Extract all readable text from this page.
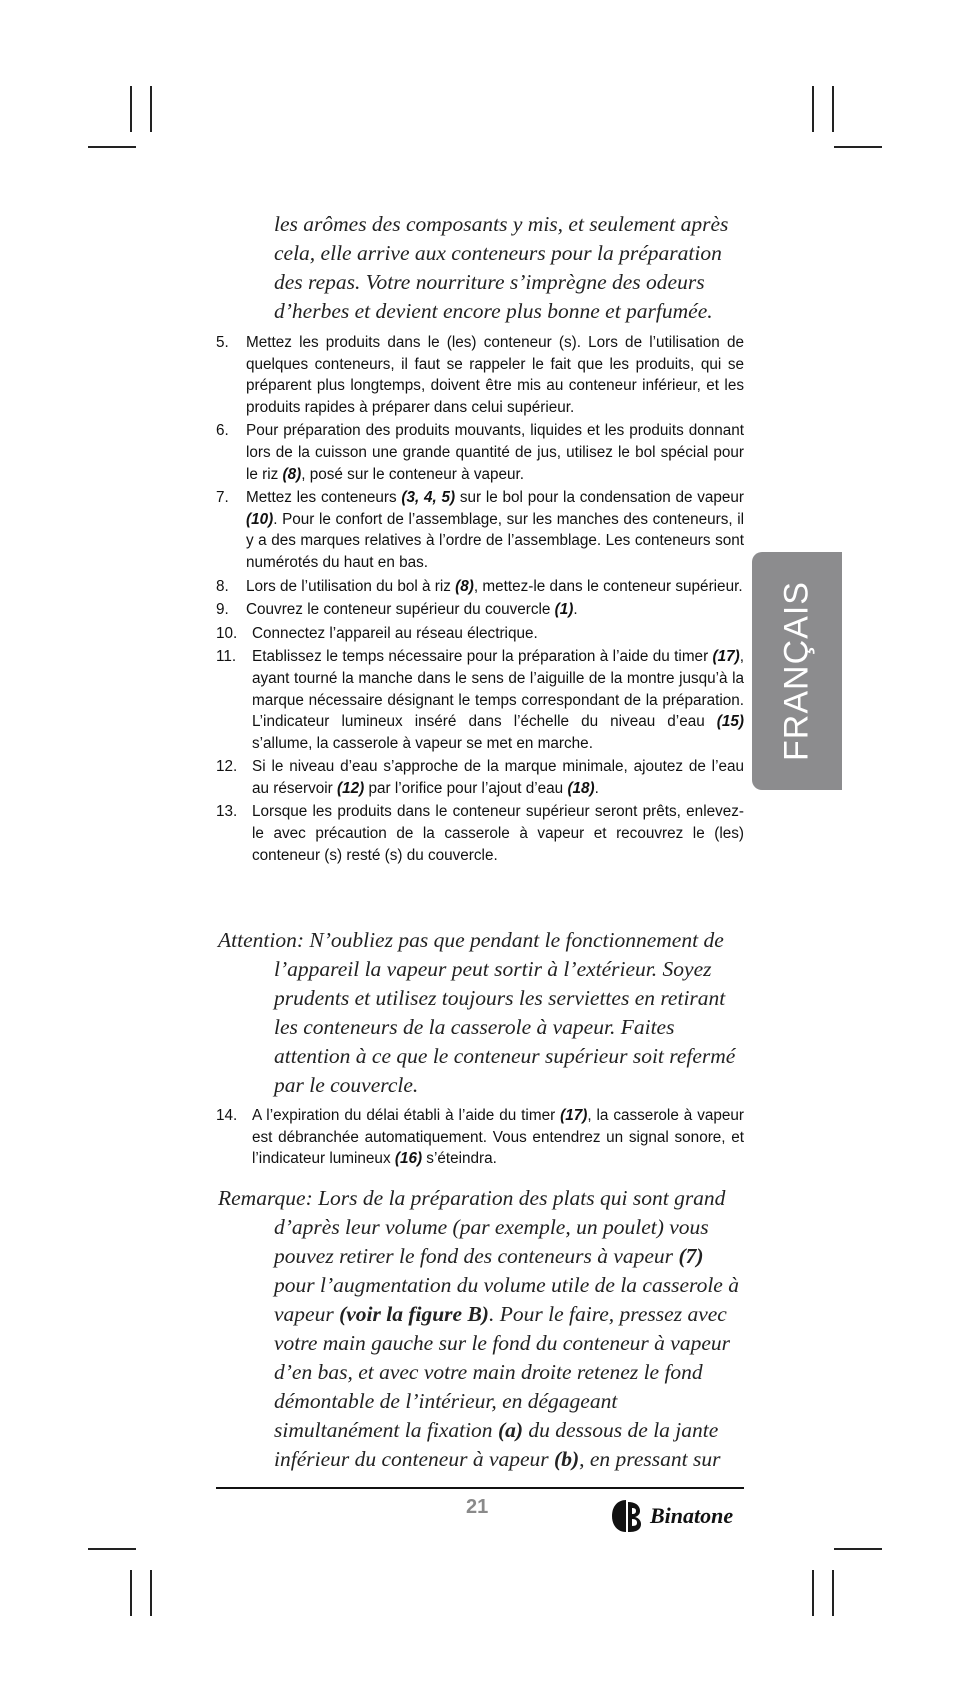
les arômes des composants y mis, et seulement après

cela, elle arrive aux conteneurs pour la préparation

des repas. Votre nourriture s’imprègne des odeurs

d’herbes et devient encore plus bonne et parfumée.

5. Mettez les produits dans le (les) conteneur (s). Lors de l’utilisation de quelques conteneurs, il faut se rappeler le fait que les produits, qui se préparent plus longtemps, doivent être mis au conteneur inférieur, et les produits rapides à préparer dans celui supérieur.
6. Pour préparation des produits mouvants, liquides et les produits donnant lors de la cuisson une grande quantité de jus, utilisez le bol spécial pour le riz (8), posé sur le conteneur à vapeur.
7. Mettez les conteneurs (3, 4, 5) sur le bol pour la condensation de vapeur (10). Pour le confort de l’assemblage, sur les manches des conteneurs, il y a des marques relatives à l’ordre de l’assemblage. Les conteneurs sont numérotés du haut en bas.
8. Lors de l’utilisation du bol à riz (8), mettez-le dans le conteneur supérieur.
9. Couvrez le conteneur supérieur du couvercle (1).
10. Connectez l’appareil au réseau électrique.
11. Etablissez le temps nécessaire pour la préparation à l’aide du timer (17), ayant tourné la manche dans le sens de l’aiguille de la montre jusqu’à la marque nécessaire désignant le temps correspondant de la préparation. L’indicateur lumineux inséré dans l’échelle du niveau d’eau (15) s’allume, la casserole à vapeur se met en marche.
12. Si le niveau d’eau s’approche de la marque minimale, ajoutez de l’eau au réservoir (12) par l’orifice pour l’ajout d’eau (18).
13. Lorsque les produits dans le conteneur supérieur seront prêts, enlevez-le avec précaution de la casserole à vapeur et recouvrez le (les) conteneur (s) resté (s) du couvercle.

Attention: N’oubliez pas que pendant le fonctionnement de l’appareil la vapeur peut sortir à l’extérieur. Soyez prudents et utilisez toujours les serviettes en retirant les conteneurs de la casserole à vapeur. Faites attention à ce que le conteneur supérieur soit refermé par le couvercle.

14. A l’expiration du délai établi à l’aide du timer (17), la casserole à vapeur est débranchée automatiquement. Vous entendrez un signal sonore, et l’indicateur lumineux (16) s’éteindra.

Remarque: Lors de la préparation des plats qui sont grand d’après leur volume (par exemple, un poulet) vous pouvez retirer le fond des conteneurs à vapeur (7) pour l’augmentation du volume utile de la casserole à vapeur (voir la figure B). Pour le faire, pressez avec votre main gauche sur le fond du conteneur à vapeur d’en bas, et avec votre main droite retenez le fond démontable de l’intérieur, en dégageant simultanément la fixation (a) du dessous de la jante inférieur du conteneur à vapeur (b), en pressant sur

FRANÇAIS
21	Binatone
